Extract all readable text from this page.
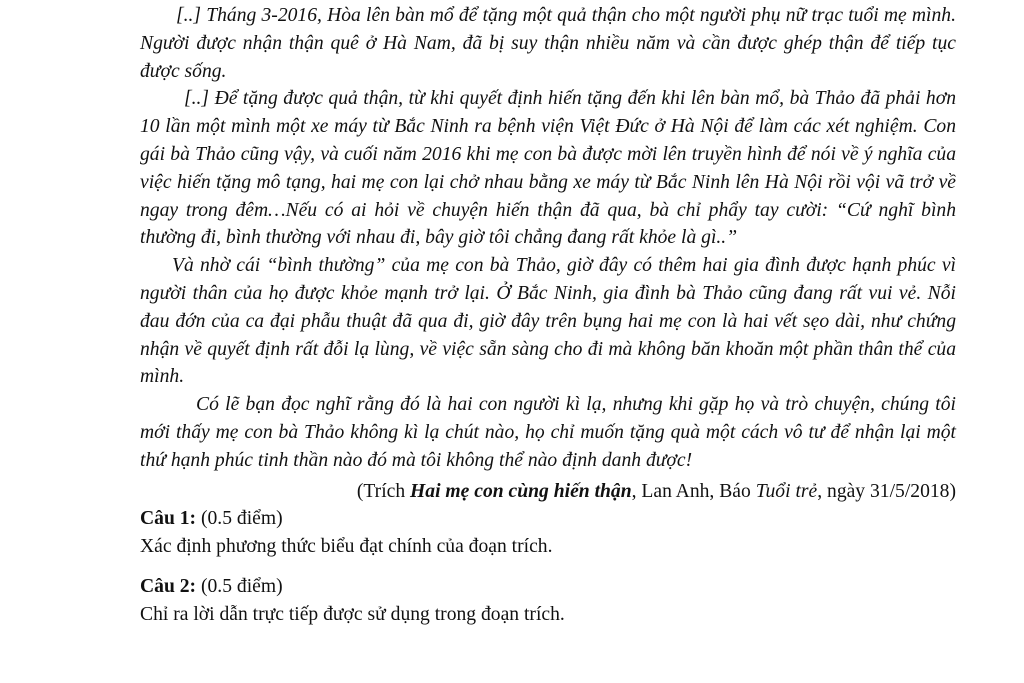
[..] Tháng 3-2016, Hòa lên bàn mổ để tặng một quả thận cho một người phụ nữ trạc tuổi mẹ mình. Người được nhận thận quê ở Hà Nam, đã bị suy thận nhiều năm và cần được ghép thận để tiếp tục được sống.

[..] Để tặng được quả thận, từ khi quyết định hiến tặng đến khi lên bàn mổ, bà Thảo đã phải hơn 10 lần một mình một xe máy từ Bắc Ninh ra bệnh viện Việt Đức ở Hà Nội để làm các xét nghiệm. Con gái bà Thảo cũng vậy, và cuối năm 2016 khi mẹ con bà được mời lên truyền hình để nói về ý nghĩa của việc hiến tặng mô tạng, hai mẹ con lại chở nhau bằng xe máy từ Bắc Ninh lên Hà Nội rồi vội vã trở về ngay trong đêm…Nếu có ai hỏi về chuyện hiến thận đã qua, bà chỉ phẩy tay cười: “Cứ nghĩ bình thường đi, bình thường với nhau đi, bây giờ tôi chẳng đang rất khỏe là gì..”

Và nhờ cái “bình thường” của mẹ con bà Thảo, giờ đây có thêm hai gia đình được hạnh phúc vì người thân của họ được khỏe mạnh trở lại. Ở Bắc Ninh, gia đình bà Thảo cũng đang rất vui vẻ. Nỗi đau đớn của ca đại phẫu thuật đã qua đi, giờ đây trên bụng hai mẹ con là hai vết sẹo dài, như chứng nhận về quyết định rất đỗi lạ lùng, về việc sẵn sàng cho đi mà không băn khoăn một phần thân thể của mình.

Có lẽ bạn đọc nghĩ rằng đó là hai con người kì lạ, nhưng khi gặp họ và trò chuyện, chúng tôi mới thấy mẹ con bà Thảo không kì lạ chút nào, họ chỉ muốn tặng quà một cách vô tư để nhận lại một thứ hạnh phúc tinh thần nào đó mà tôi không thể nào định danh được!

(Trích Hai mẹ con cùng hiến thận, Lan Anh, Báo Tuổi trẻ, ngày 31/5/2018)

Câu 1: (0.5 điểm)

Xác định phương thức biểu đạt chính của đoạn trích.

Câu 2: (0.5 điểm)

Chỉ ra lời dẫn trực tiếp được sử dụng trong đoạn trích.
